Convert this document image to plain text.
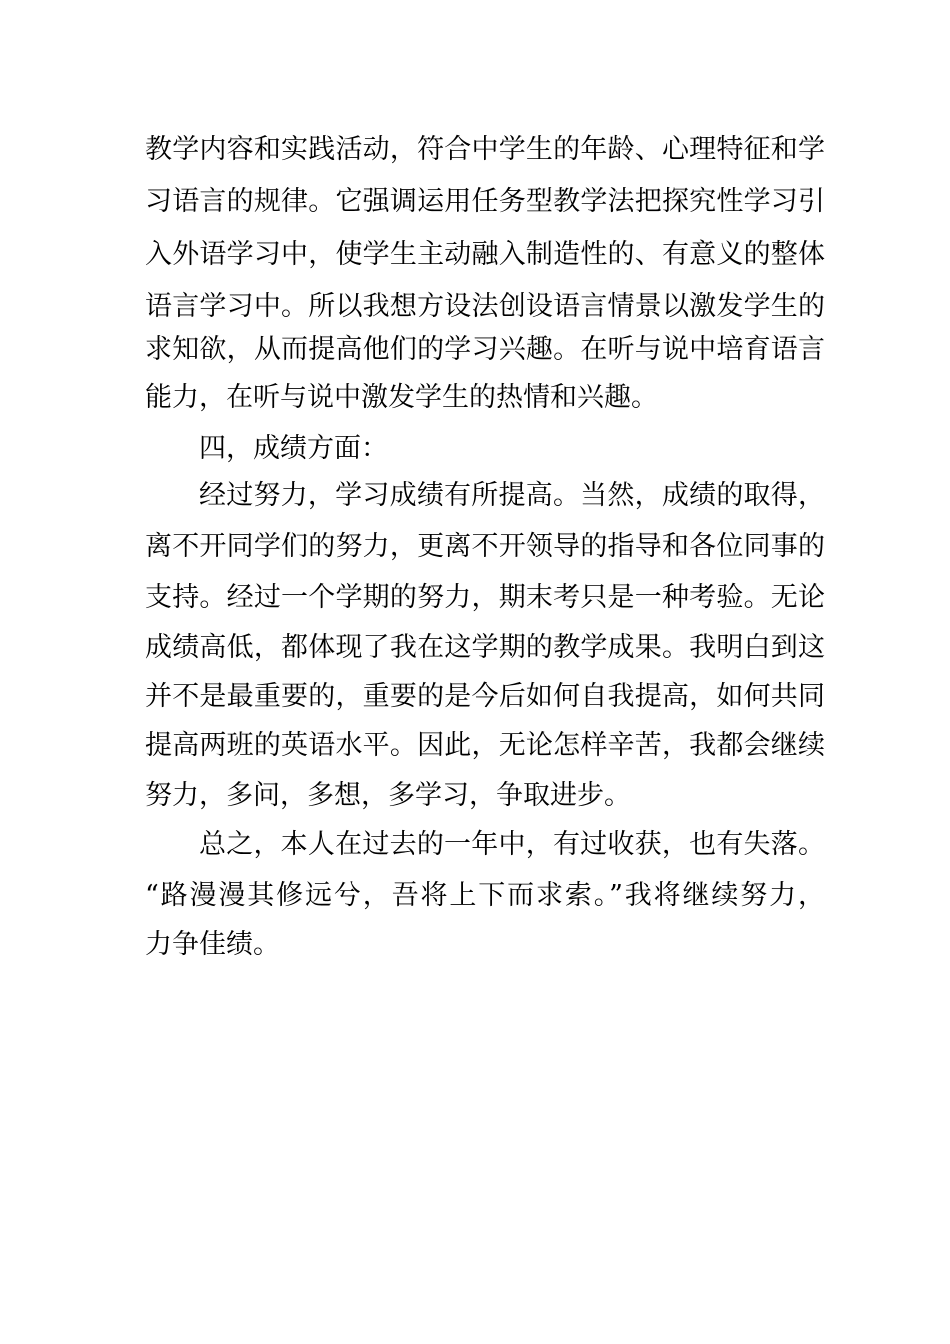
教学内容和实践活动，符合中学生的年龄、心理特征和学
习语言的规律。它强调运用任务型教学法把探究性学习引
入外语学习中，使学生主动融入制造性的、有意义的整体
语言学习中。所以我想方设法创设语言情景以激发学生的
求知欲，从而提高他们的学习兴趣。在听与说中培育语言
能力，在听与说中激发学生的热情和兴趣。
四，成绩方面：
经过努力，学习成绩有所提高。当然，成绩的取得，
离不开同学们的努力，更离不开领导的指导和各位同事的
支持。经过一个学期的努力，期末考只是一种考验。无论
成绩高低，都体现了我在这学期的教学成果。我明白到这
并不是最重要的，重要的是今后如何自我提高，如何共同
提高两班的英语水平。因此，无论怎样辛苦，我都会继续
努力，多问，多想，多学习，争取进步。
总之，本人在过去的一年中，有过收获，也有失落。
“路漫漫其修远兮，吾将上下而求索。”我将继续努力，
力争佳绩。
